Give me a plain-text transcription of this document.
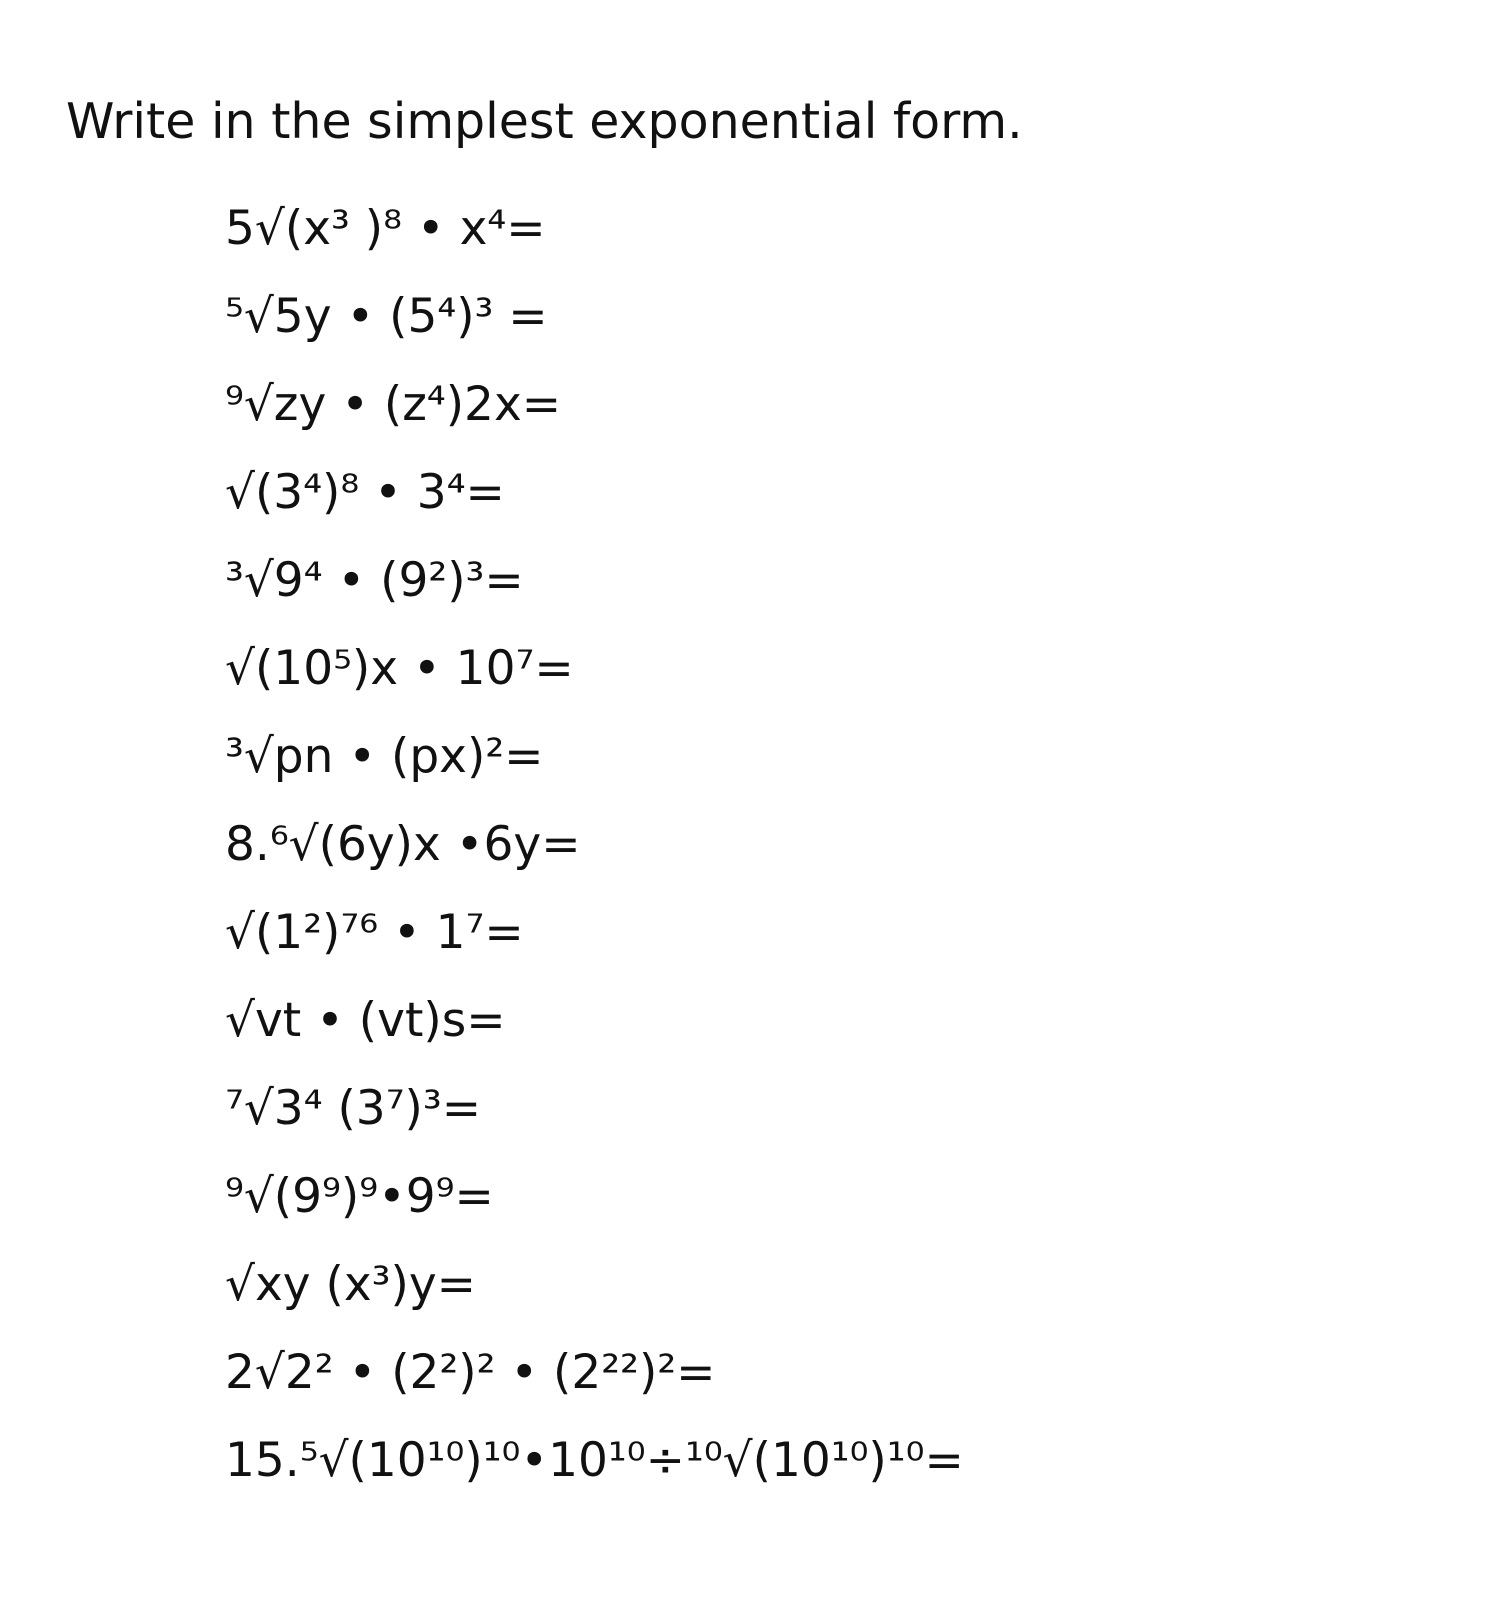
Write in the simplest exponential form.
5√(x³ )⁸ • x⁴=
⁵√5y • (5⁴)³ =
⁹√zy • (z⁴)2x=
√(3⁴)⁸ • 3⁴=
³√9⁴ • (9²)³=
√(10⁵)x • 10⁷=
³√pn • (px)²=
8.⁶√(6y)x •6y=
√(1²)⁷⁶ • 1⁷=
√vt • (vt)s=
⁷√3⁴ (3⁷)³=
⁹√(9⁹)⁹•9⁹=
√xy (x³)y=
2√2² • (2²)² • (2²²)²=
15.⁵√(10¹⁰)¹⁰•10¹⁰÷¹⁰√(10¹⁰)¹⁰=
